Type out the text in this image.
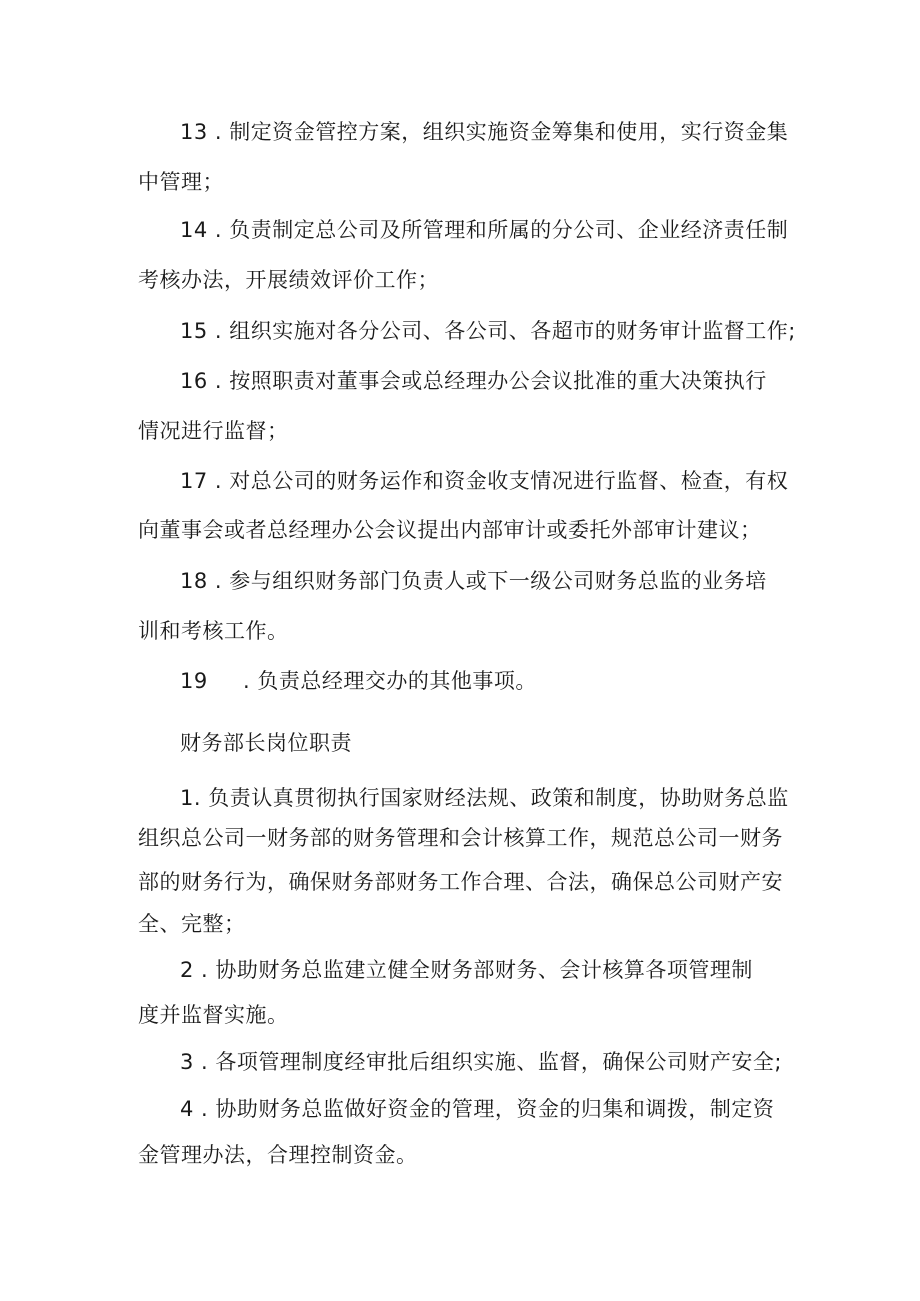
13 . 制定资金管控方案，组织实施资金筹集和使用，实行资金集
中管理；
14 . 负责制定总公司及所管理和所属的分公司、企业经济责任制
考核办法，开展绩效评价工作；
15 . 组织实施对各分公司、各公司、各超市的财务审计监督工作;
16 . 按照职责对董事会或总经理办公会议批准的重大决策执行
情况进行监督；
17 . 对总公司的财务运作和资金收支情况进行监督、检查，有权
向董事会或者总经理办公会议提出内部审计或委托外部审计建议；
18 . 参与组织财务部门负责人或下一级公司财务总监的业务培
训和考核工作。
19 . 负责总经理交办的其他事项。
财务部长岗位职责
1. 负责认真贯彻执行国家财经法规、政策和制度，协助财务总监
组织总公司一财务部的财务管理和会计核算工作，规范总公司一财务
部的财务行为，确保财务部财务工作合理、合法，确保总公司财产安
全、完整；
2 . 协助财务总监建立健全财务部财务、会计核算各项管理制
度并监督实施。
3 . 各项管理制度经审批后组织实施、监督，确保公司财产安全;
4 . 协助财务总监做好资金的管理，资金的归集和调拨，制定资
金管理办法，合理控制资金。
